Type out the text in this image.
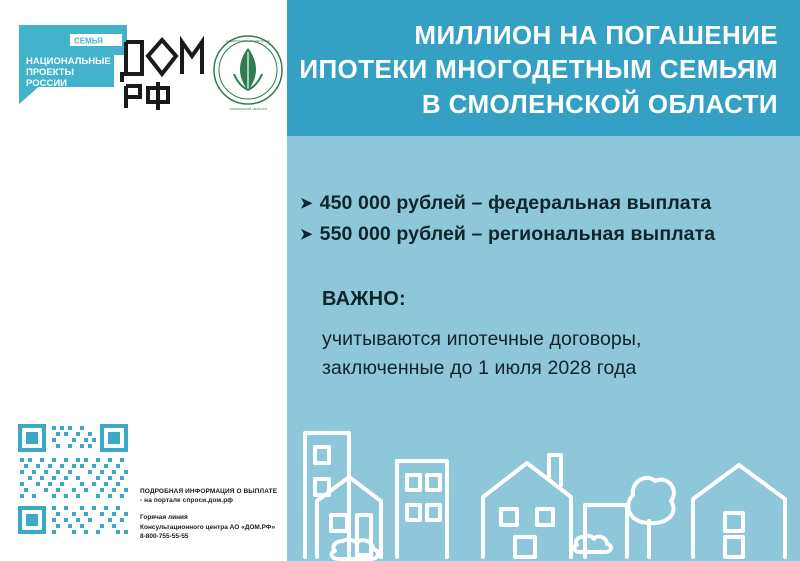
СЕМЬЯ
НАЦИОНАЛЬНЫЕ
ПРОЕКТЫ
РОССИИ
АДМИНИСТРАЦИЯ РЕГИОНА
СМОЛЕНСКОЙ ОБЛАСТИ

ПОДРОБНАЯ ИНФОРМАЦИЯ О ВЫПЛАТЕ - на портале спроси.дом.рф

Горячая линия
Консультационного центра АО «ДОМ.РФ»
8-800-755-55-55

МИЛЛИОН НА ПОГАШЕНИЕ
ИПОТЕКИ МНОГОДЕТНЫМ СЕМЬЯМ
В СМОЛЕНСКОЙ ОБЛАСТИ
➤ 450 000 рублей – федеральная выплата
➤ 550 000 рублей – региональная выплата
ВАЖНО:
учитываются ипотечные договоры,
заключенные до 1 июля 2028 года
